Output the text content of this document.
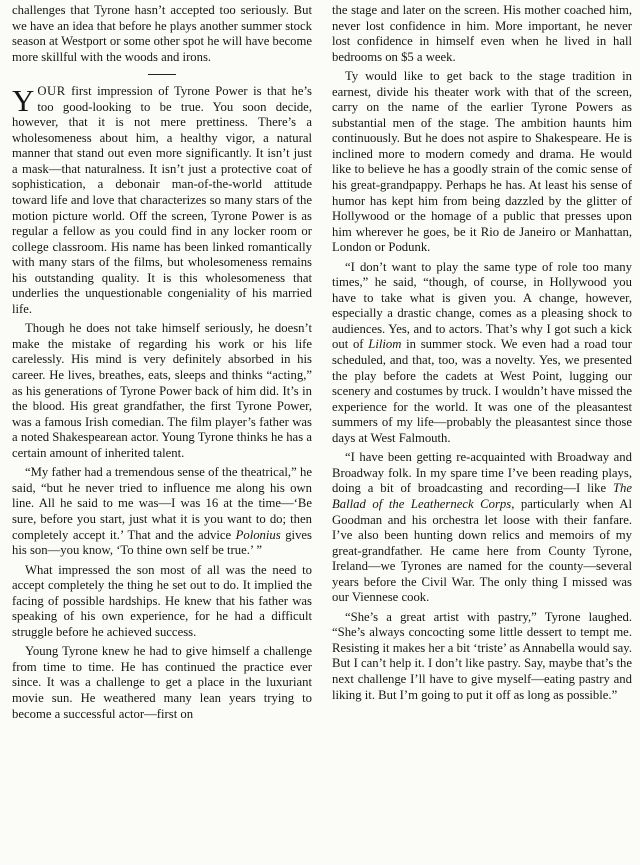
challenges that Tyrone hasn’t accepted too seriously. But we have an idea that before he plays another summer stock season at Westport or some other spot he will have become more skillful with the woods and irons.

YOUR first impression of Tyrone Power is that he’s too good-looking to be true. You soon decide, however, that it is not mere prettiness. There’s a wholesomeness about him, a healthy vigor, a natural manner that stand out even more significantly. It isn’t just a mask—that naturalness. It isn’t just a protective coat of sophistication, a debonair man-of-the-world attitude toward life and love that characterizes so many stars of the motion picture world. Off the screen, Tyrone Power is as regular a fellow as you could find in any locker room or college classroom. His name has been linked romantically with many stars of the films, but wholesomeness remains his outstanding quality. It is this wholesomeness that underlies the unquestionable congeniality of his married life.

Though he does not take himself seriously, he doesn’t make the mistake of regarding his work or his life carelessly. His mind is very definitely absorbed in his career. He lives, breathes, eats, sleeps and thinks “acting,” as his generations of Tyrone Power back of him did. It’s in the blood. His great grandfather, the first Tyrone Power, was a famous Irish comedian. The film player’s father was a noted Shakespearean actor. Young Tyrone thinks he has a certain amount of inherited talent.

“My father had a tremendous sense of the theatrical,” he said, “but he never tried to influence me along his own line. All he said to me was—I was 16 at the time—‘Be sure, before you start, just what it is you want to do; then completely accept it.’ That and the advice Polonius gives his son—you know, ‘To thine own self be true.’ ”

What impressed the son most of all was the need to accept completely the thing he set out to do. It implied the facing of possible hardships. He knew that his father was speaking of his own experience, for he had a difficult struggle before he achieved success.

Young Tyrone knew he had to give himself a challenge from time to time. He has continued the practice ever since. It was a challenge to get a place in the luxuriant movie sun. He weathered many lean years trying to become a successful actor—first on

the stage and later on the screen. His mother coached him, never lost confidence in him. More important, he never lost confidence in himself even when he lived in hall bedrooms on $5 a week.

Ty would like to get back to the stage tradition in earnest, divide his theater work with that of the screen, carry on the name of the earlier Tyrone Powers as substantial men of the stage. The ambition haunts him continuously. But he does not aspire to Shakespeare. He is inclined more to modern comedy and drama. He would like to believe he has a goodly strain of the comic sense of his great-grandpappy. Perhaps he has. At least his sense of humor has kept him from being dazzled by the glitter of Hollywood or the homage of a public that presses upon him wherever he goes, be it Rio de Janeiro or Manhattan, London or Podunk.

“I don’t want to play the same type of role too many times,” he said, “though, of course, in Hollywood you have to take what is given you. A change, however, especially a drastic change, comes as a pleasing shock to audiences. Yes, and to actors. That’s why I got such a kick out of Liliom in summer stock. We even had a road tour scheduled, and that, too, was a novelty. Yes, we presented the play before the cadets at West Point, lugging our scenery and costumes by truck. I wouldn’t have missed the experience for the world. It was one of the pleasantest summers of my life—probably the pleasantest since those days at West Falmouth.

“I have been getting re-acquainted with Broadway and Broadway folk. In my spare time I’ve been reading plays, doing a bit of broadcasting and recording—I like The Ballad of the Leatherneck Corps, particularly when Al Goodman and his orchestra let loose with their fanfare. I’ve also been hunting down relics and memoirs of my great-grandfather. He came here from County Tyrone, Ireland—we Tyrones are named for the county—several years before the Civil War. The only thing I missed was our Viennese cook.

“She’s a great artist with pastry,” Tyrone laughed. “She’s always concocting some little dessert to tempt me. Resisting it makes her a bit ‘triste’ as Annabella would say. But I can’t help it. I don’t like pastry. Say, maybe that’s the next challenge I’ll have to give myself—eating pastry and liking it. But I’m going to put it off as long as possible.”
